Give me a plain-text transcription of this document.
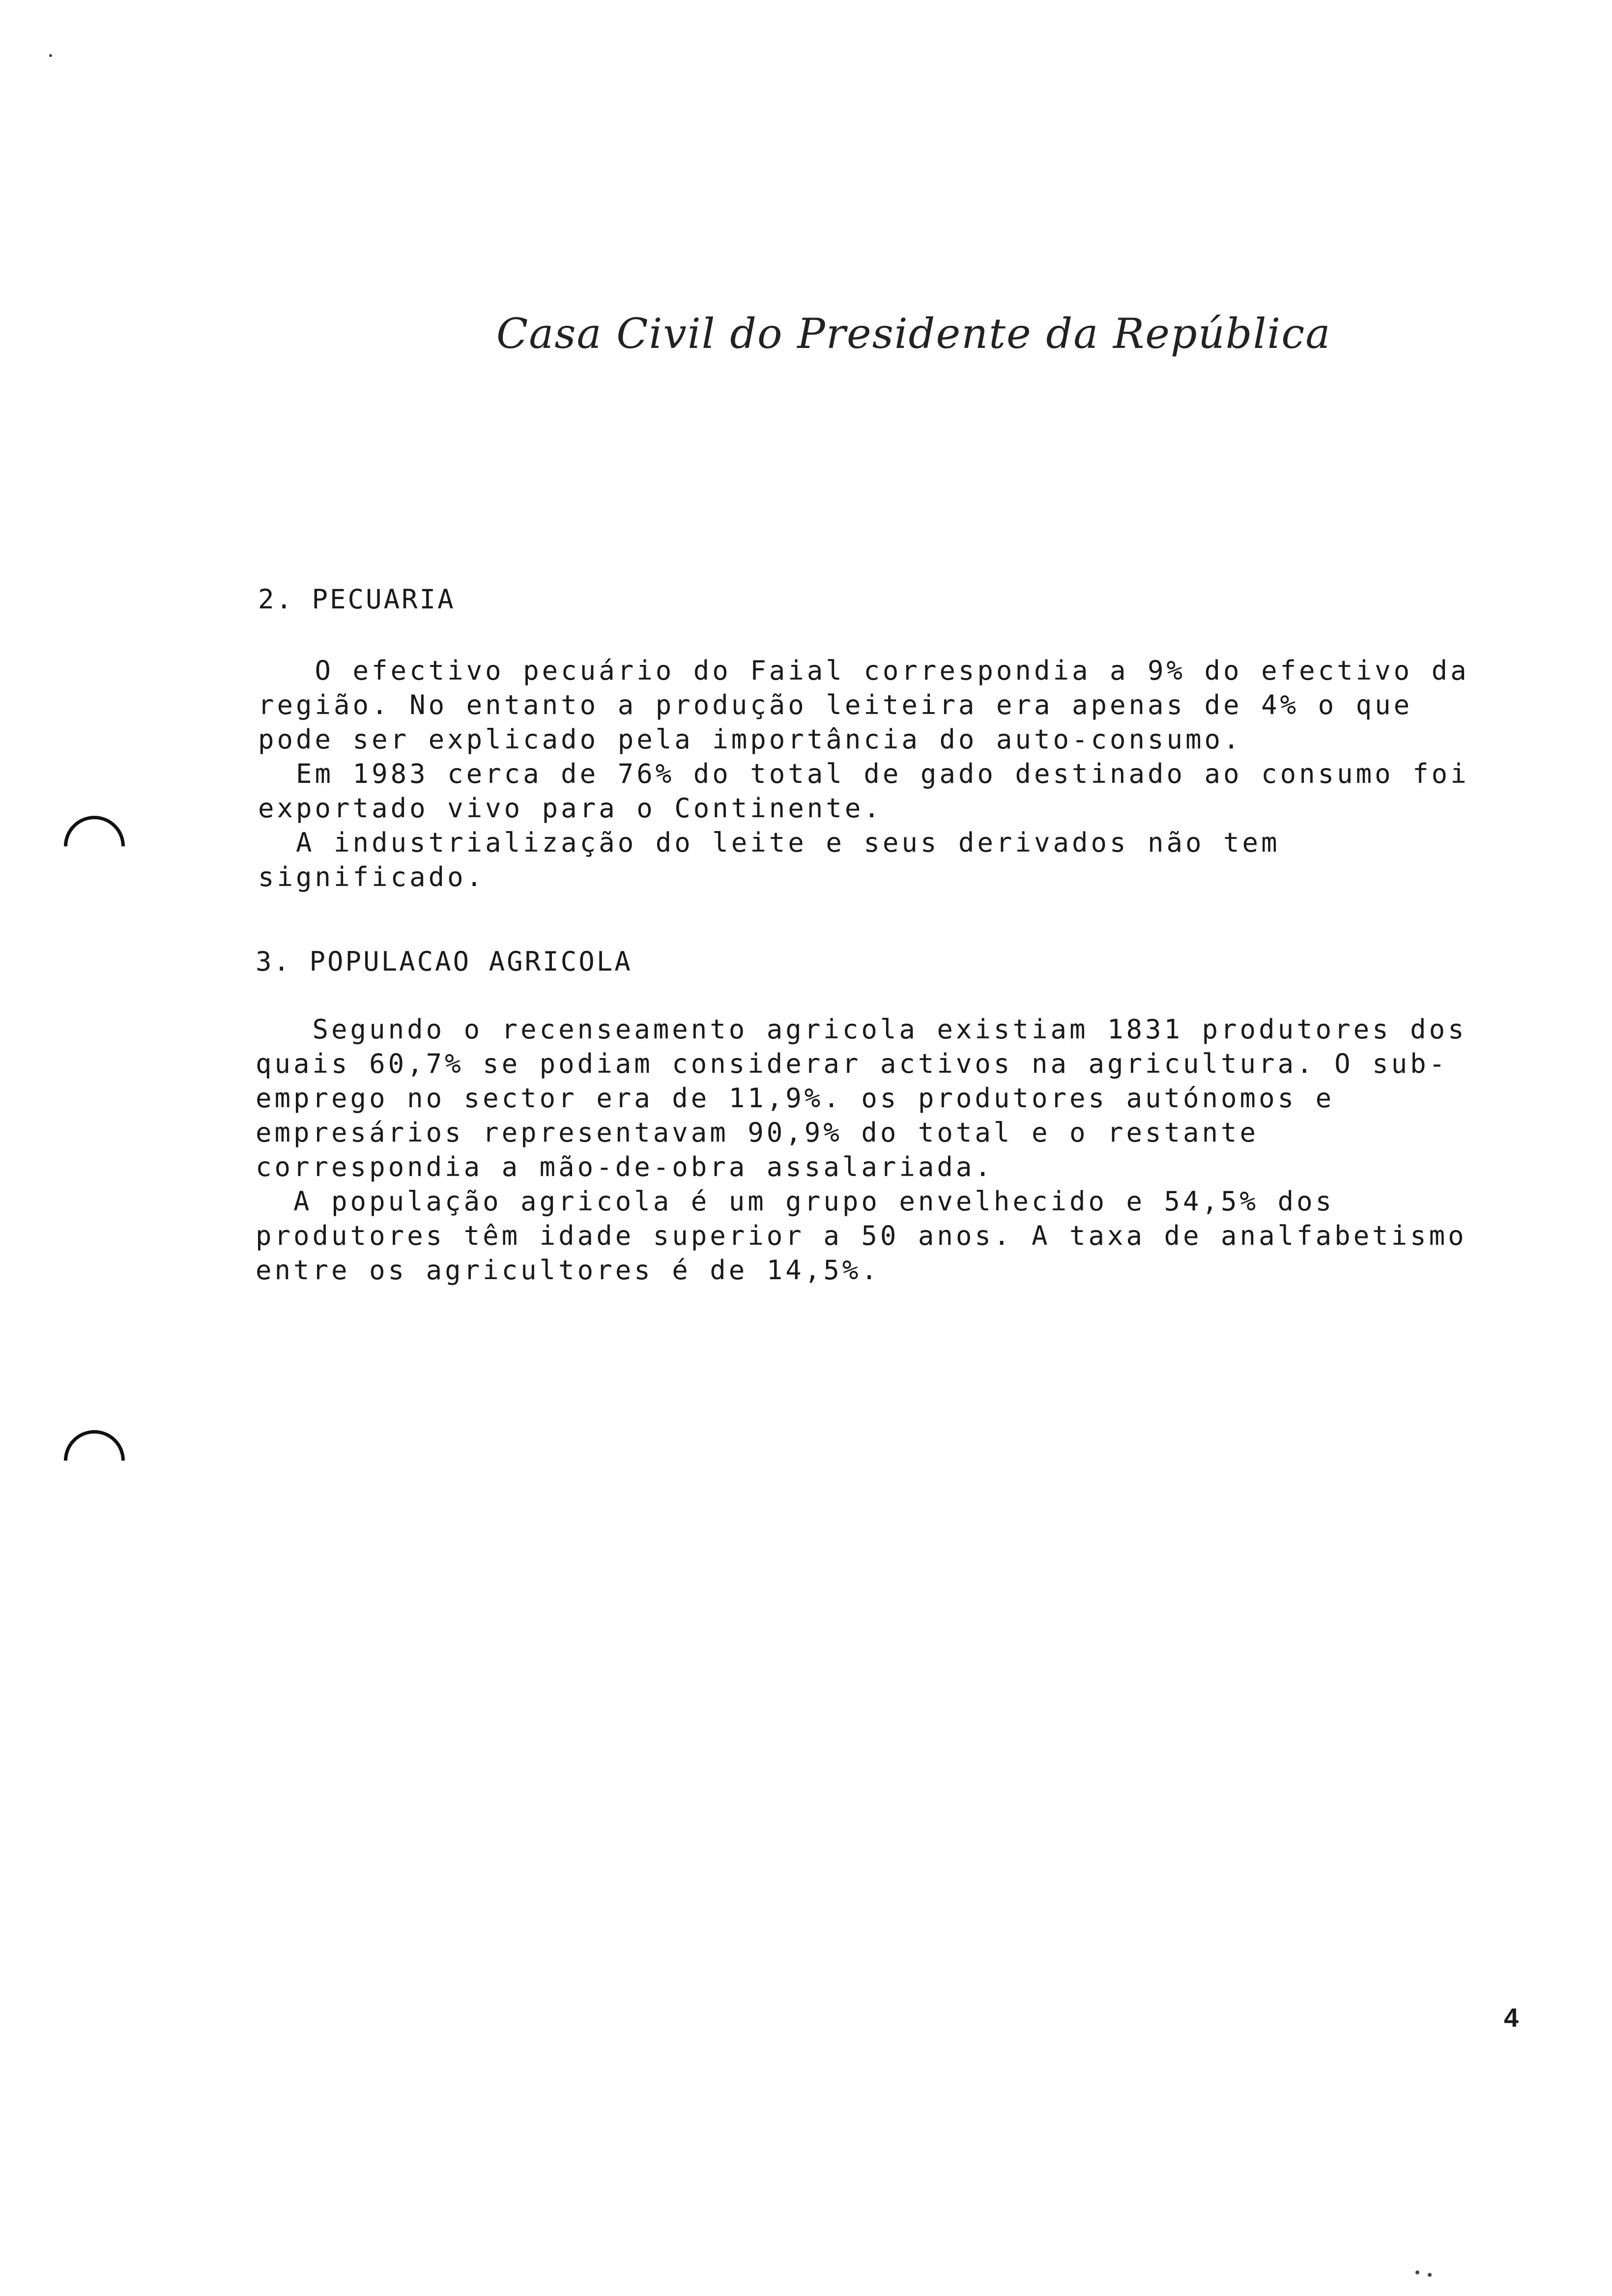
Casa Civil do Presidente da República
2. PECUARIA
O efectivo pecuário do Faial correspondia a 9% do efectivo da
região. No entanto a produção leiteira era apenas de 4% o que
pode ser explicado pela importância do auto-consumo.
Em 1983 cerca de 76% do total de gado destinado ao consumo foi
exportado vivo para o Continente.
A industrialização do leite e seus derivados não tem
significado.
3. POPULACAO AGRICOLA
Segundo o recenseamento agricola existiam 1831 produtores dos
quais 60,7% se podiam considerar activos na agricultura. O sub-
emprego no sector era de 11,9%. os produtores autónomos e
empresários representavam 90,9% do total e o restante
correspondia a mão-de-obra assalariada.
A população agricola é um grupo envelhecido e 54,5% dos
produtores têm idade superior a 50 anos. A taxa de analfabetismo
entre os agricultores é de 14,5%.
4
